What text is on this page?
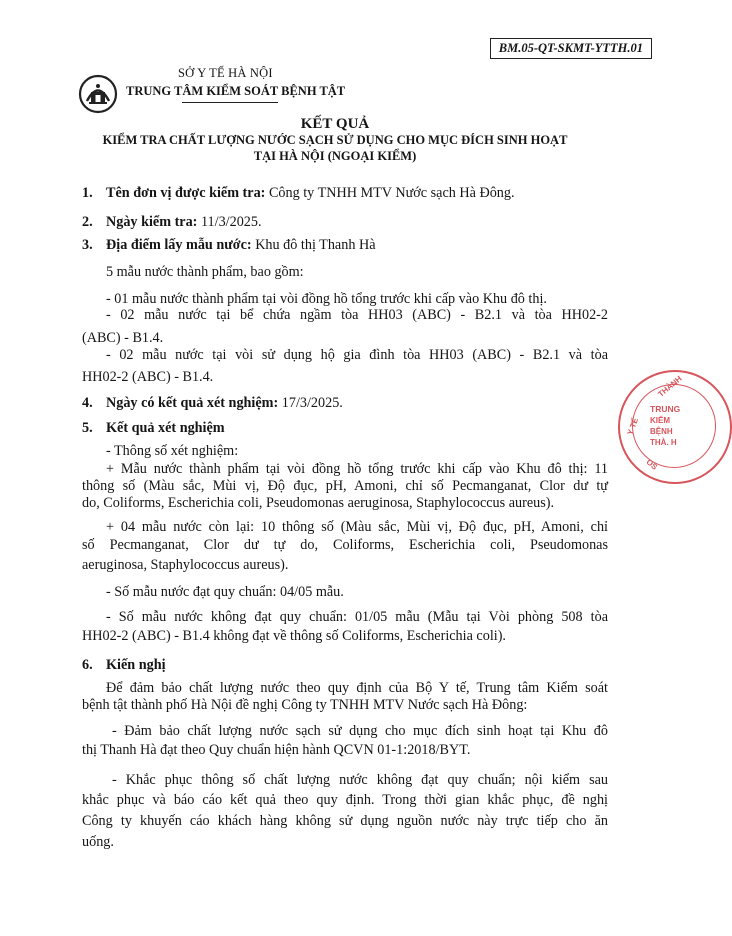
BM.05-QT-SKMT-YTTH.01
SỞ Y TẾ HÀ NỘI
TRUNG TÂM KIỂM SOÁT BỆNH TẬT
KẾT QUẢ
KIỂM TRA CHẤT LƯỢNG NƯỚC SẠCH SỬ DỤNG CHO MỤC ĐÍCH SINH HOẠT
TẠI HÀ NỘI (NGOẠI KIỂM)
1. Tên đơn vị được kiểm tra: Công ty TNHH MTV Nước sạch Hà Đông.
2. Ngày kiểm tra: 11/3/2025.
3. Địa điểm lấy mẫu nước: Khu đô thị Thanh Hà
5 mẫu nước thành phẩm, bao gồm:
- 01 mẫu nước thành phẩm tại vòi đồng hồ tổng trước khi cấp vào Khu đô thị.
- 02 mẫu nước tại bể chứa ngầm tòa HH03 (ABC) - B2.1 và tòa HH02-2
(ABC) - B1.4.
- 02 mẫu nước tại vòi sử dụng hộ gia đình tòa HH03 (ABC) - B2.1 và tòa
HH02-2 (ABC) - B1.4.
4. Ngày có kết quả xét nghiệm: 17/3/2025.
5. Kết quả xét nghiệm
- Thông số xét nghiệm:
+ Mẫu nước thành phẩm tại vòi đồng hồ tổng trước khi cấp vào Khu đô thị: 11
thông số (Màu sắc, Mùi vị, Độ đục, pH, Amoni, chỉ số Pecmanganat, Clor dư tự
do, Coliforms, Escherichia coli, Pseudomonas aeruginosa, Staphylococcus aureus).
+ 04 mẫu nước còn lại: 10 thông số (Màu sắc, Mùi vị, Độ đục, pH, Amoni, chỉ
số Pecmanganat, Clor dư tự do, Coliforms, Escherichia coli, Pseudomonas
aeruginosa, Staphylococcus aureus).
- Số mẫu nước đạt quy chuẩn: 04/05 mẫu.
- Số mẫu nước không đạt quy chuẩn: 01/05 mẫu (Mẫu tại Vòi phòng 508 tòa
HH02-2 (ABC) - B1.4 không đạt về thông số Coliforms, Escherichia coli).
6. Kiến nghị
Để đảm bảo chất lượng nước theo quy định của Bộ Y tế, Trung tâm Kiểm soát
bệnh tật thành phố Hà Nội đề nghị Công ty TNHH MTV Nước sạch Hà Đông:
- Đảm bảo chất lượng nước sạch sử dụng cho mục đích sinh hoạt tại Khu đô
thị Thanh Hà đạt theo Quy chuẩn hiện hành QCVN 01-1:2018/BYT.
- Khắc phục thông số chất lượng nước không đạt quy chuẩn; nội kiểm sau
khắc phục và báo cáo kết quả theo quy định. Trong thời gian khắc phục, đề nghị
Công ty khuyến cáo khách hàng không sử dụng nguồn nước này trực tiếp cho ăn
uống.
THÀNH
TRUNG
KIỂM
BỆNH
THÀ. H
Y TẾ
OS
